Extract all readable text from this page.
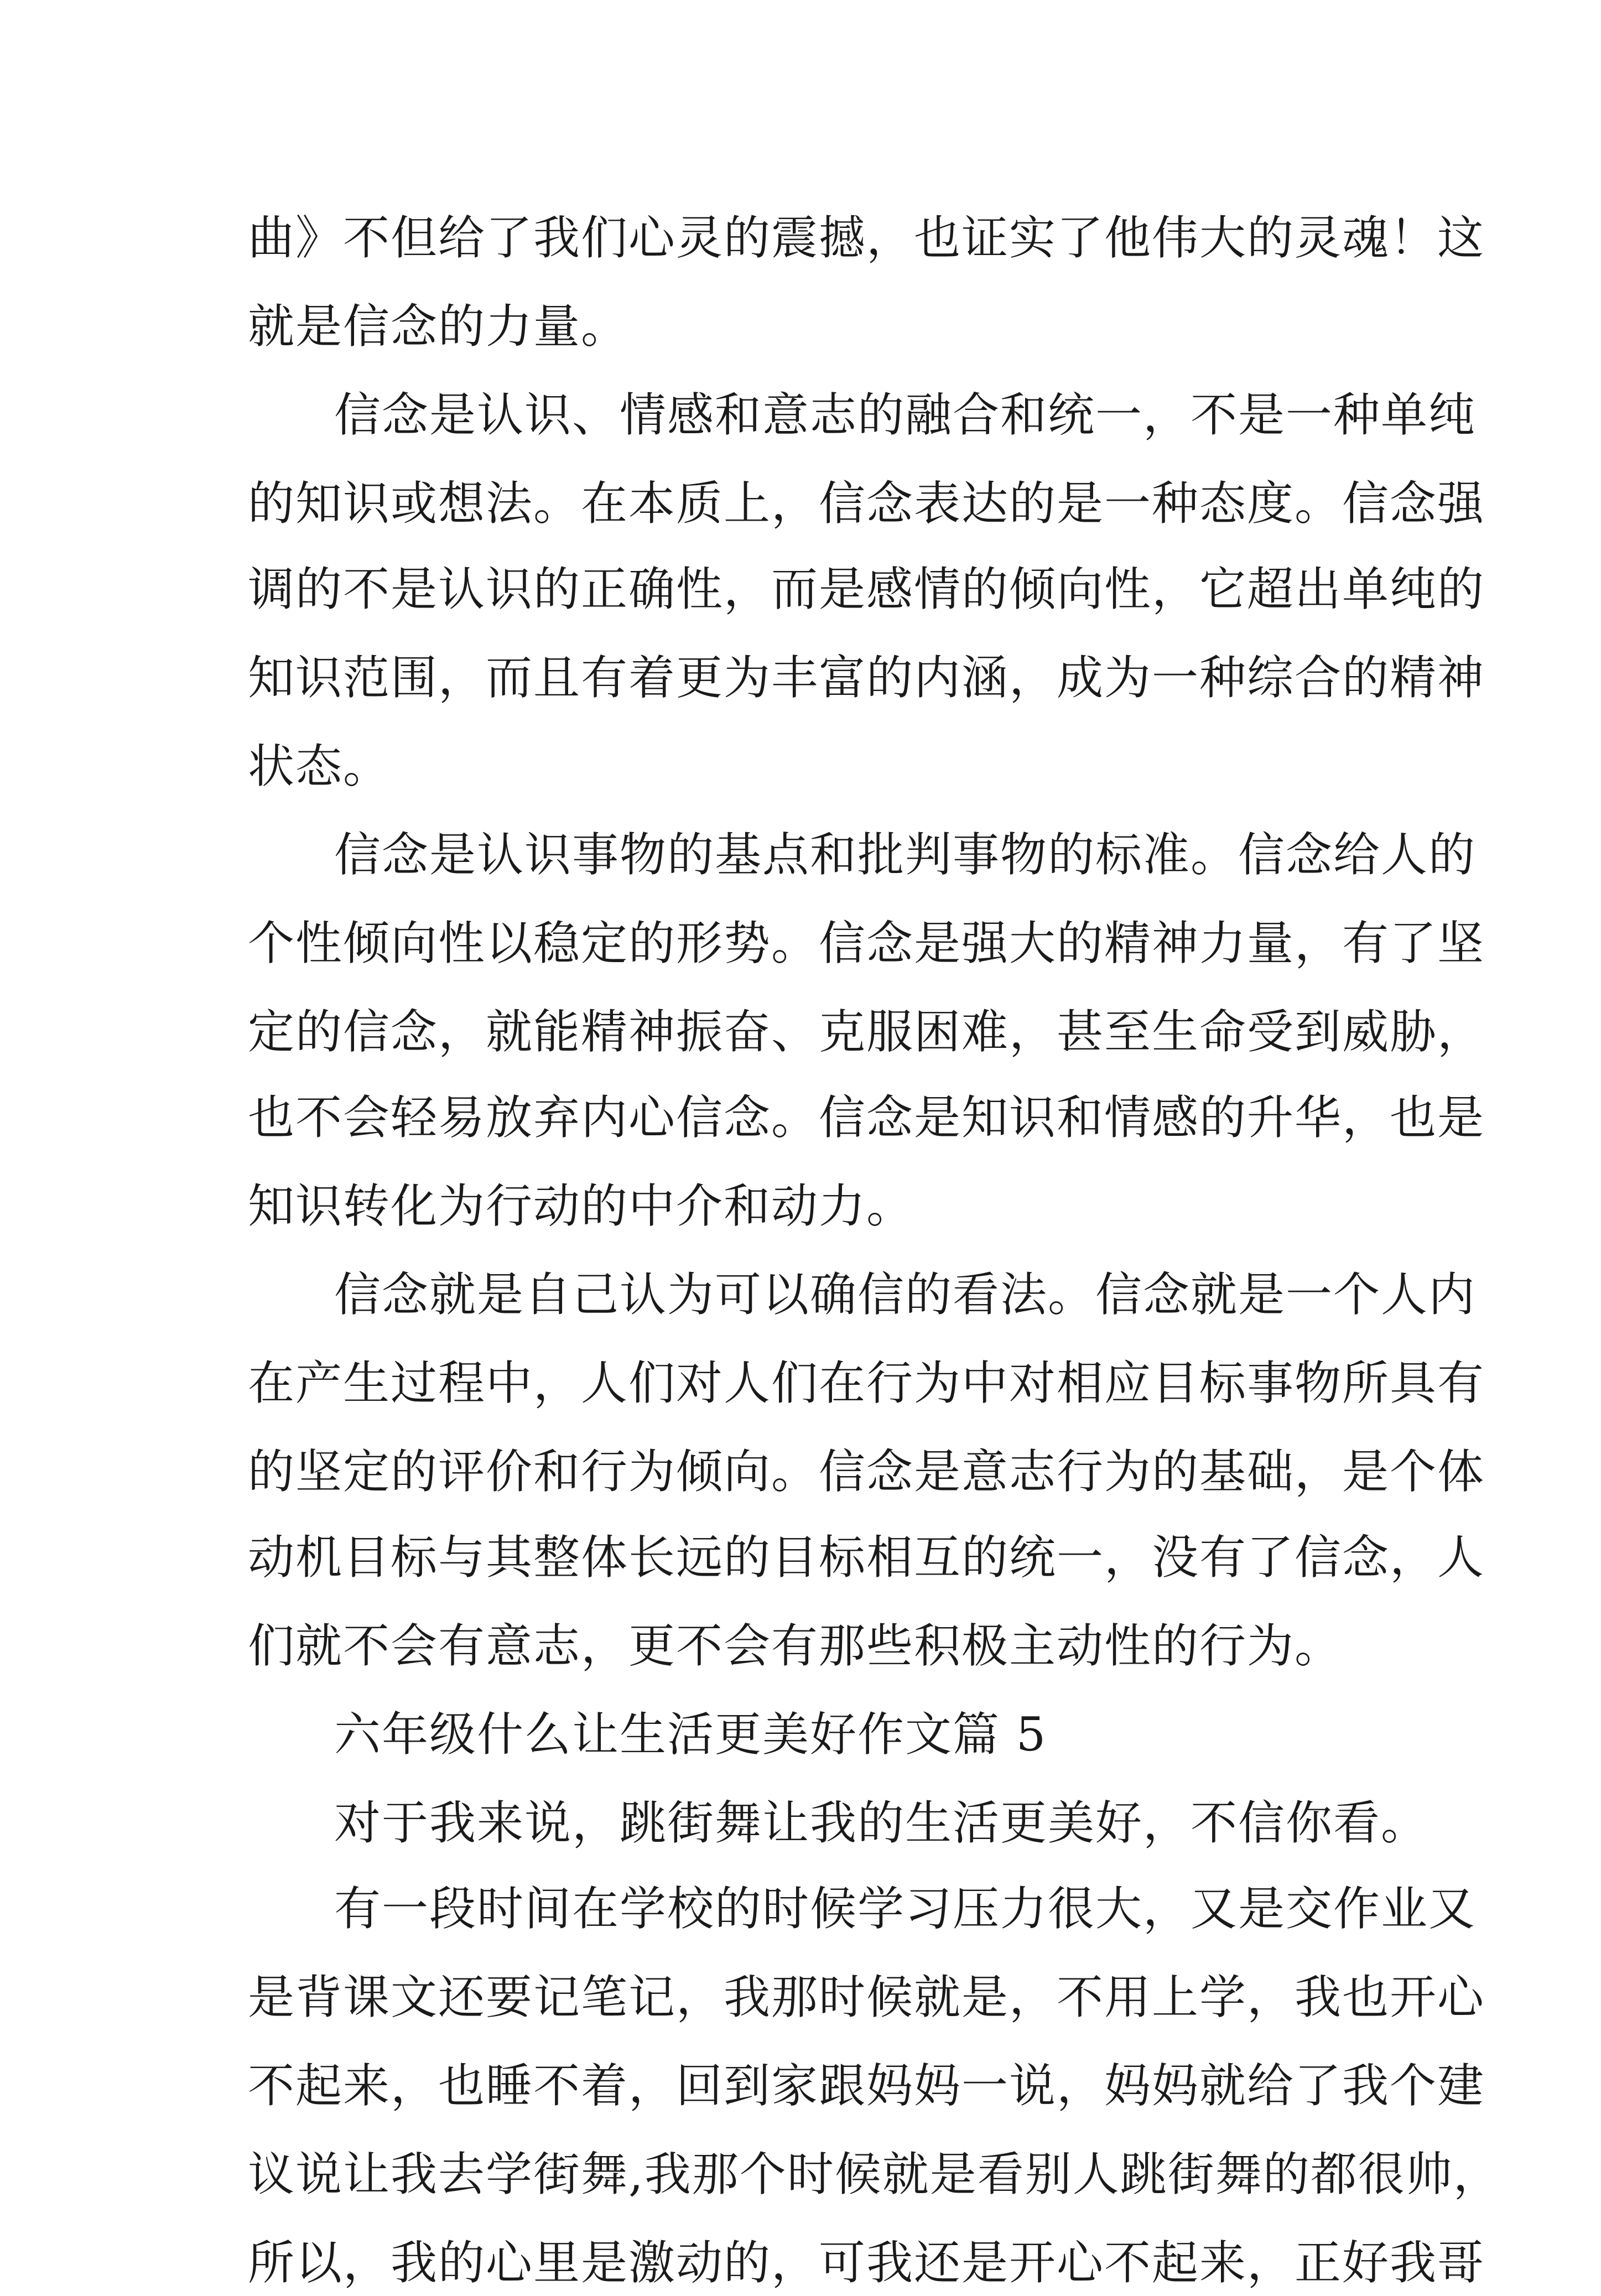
曲》不但给了我们心灵的震撼，也证实了他伟大的灵魂！这

就是信念的力量。

信念是认识、情感和意志的融合和统一，不是一种单纯

的知识或想法。在本质上，信念表达的是一种态度。信念强

调的不是认识的正确性，而是感情的倾向性，它超出单纯的

知识范围，而且有着更为丰富的内涵，成为一种综合的精神

状态。

信念是认识事物的基点和批判事物的标准。信念给人的

个性倾向性以稳定的形势。信念是强大的精神力量，有了坚

定的信念，就能精神振奋、克服困难，甚至生命受到威胁，

也不会轻易放弃内心信念。信念是知识和情感的升华，也是

知识转化为行动的中介和动力。

信念就是自己认为可以确信的看法。信念就是一个人内

在产生过程中，人们对人们在行为中对相应目标事物所具有

的坚定的评价和行为倾向。信念是意志行为的基础，是个体

动机目标与其整体长远的目标相互的统一，没有了信念，人

们就不会有意志，更不会有那些积极主动性的行为。

六年级什么让生活更美好作文篇 5

对于我来说，跳街舞让我的生活更美好，不信你看。

有一段时间在学校的时候学习压力很大，又是交作业又

是背课文还要记笔记，我那时候就是，不用上学，我也开心

不起来，也睡不着，回到家跟妈妈一说，妈妈就给了我个建

议说让我去学街舞,我那个时候就是看别人跳街舞的都很帅，

所以，我的心里是激动的，可我还是开心不起来，正好我哥
